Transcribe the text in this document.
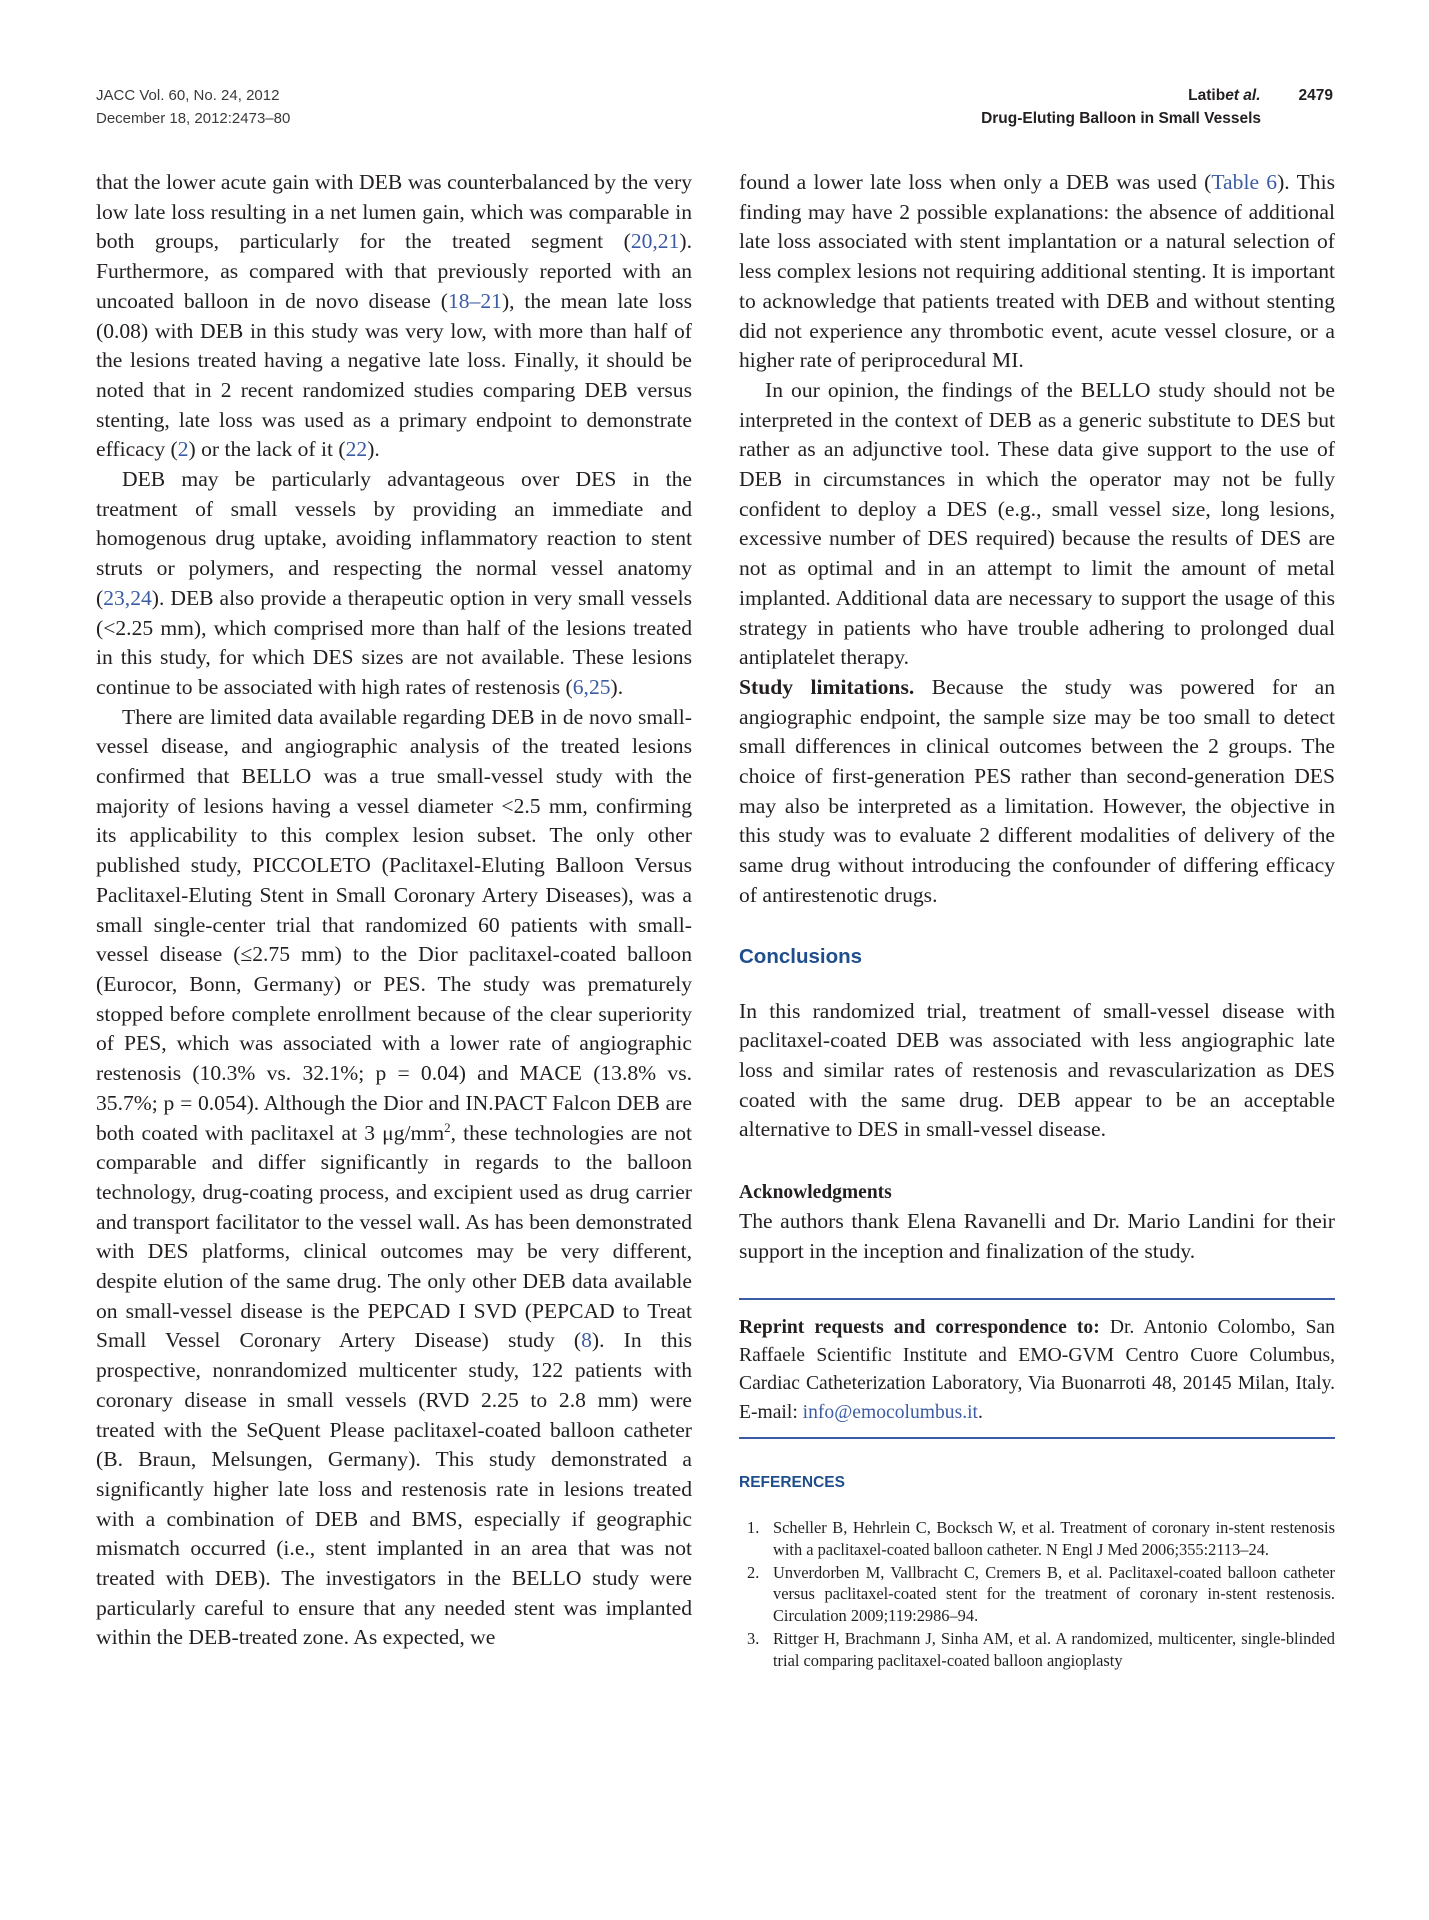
JACC Vol. 60, No. 24, 2012
December 18, 2012:2473–80
Latibet al. 2479
Drug-Eluting Balloon in Small Vessels

that the lower acute gain with DEB was counterbalanced by the very low late loss resulting in a net lumen gain, which was comparable in both groups, particularly for the treated segment (20,21). Furthermore, as compared with that previously reported with an uncoated balloon in de novo disease (18–21), the mean late loss (0.08) with DEB in this study was very low, with more than half of the lesions treated having a negative late loss. Finally, it should be noted that in 2 recent randomized studies comparing DEB versus stenting, late loss was used as a primary endpoint to demonstrate efficacy (2) or the lack of it (22).

DEB may be particularly advantageous over DES in the treatment of small vessels by providing an immediate and homogenous drug uptake, avoiding inflammatory reaction to stent struts or polymers, and respecting the normal vessel anatomy (23,24). DEB also provide a therapeutic option in very small vessels (<2.25 mm), which comprised more than half of the lesions treated in this study, for which DES sizes are not available. These lesions continue to be associated with high rates of restenosis (6,25).

There are limited data available regarding DEB in de novo small-vessel disease, and angiographic analysis of the treated lesions confirmed that BELLO was a true small-vessel study with the majority of lesions having a vessel diameter <2.5 mm, confirming its applicability to this complex lesion subset. The only other published study, PICCOLETO (Paclitaxel-Eluting Balloon Versus Paclitaxel-Eluting Stent in Small Coronary Artery Diseases), was a small single-center trial that randomized 60 patients with small-vessel disease (≤2.75 mm) to the Dior paclitaxel-coated balloon (Eurocor, Bonn, Germany) or PES. The study was prematurely stopped before complete enrollment because of the clear superiority of PES, which was associated with a lower rate of angiographic restenosis (10.3% vs. 32.1%; p = 0.04) and MACE (13.8% vs. 35.7%; p = 0.054). Although the Dior and IN.PACT Falcon DEB are both coated with paclitaxel at 3 $\mu g/mm^2$, these technologies are not comparable and differ significantly in regards to the balloon technology, drug-coating process, and excipient used as drug carrier and transport facilitator to the vessel wall. As has been demonstrated with DES platforms, clinical outcomes may be very different, despite elution of the same drug. The only other DEB data available on small-vessel disease is the PEPCAD I SVD (PEPCAD to Treat Small Vessel Coronary Artery Disease) study (8). In this prospective, nonrandomized multicenter study, 122 patients with coronary disease in small vessels (RVD 2.25 to 2.8 mm) were treated with the SeQuent Please paclitaxel-coated balloon catheter (B. Braun, Melsungen, Germany). This study demonstrated a significantly higher late loss and restenosis rate in lesions treated with a combination of DEB and BMS, especially if geographic mismatch occurred (i.e., stent implanted in an area that was not treated with DEB). The investigators in the BELLO study were particularly careful to ensure that any needed stent was implanted within the DEB-treated zone. As expected, we

found a lower late loss when only a DEB was used (Table 6). This finding may have 2 possible explanations: the absence of additional late loss associated with stent implantation or a natural selection of less complex lesions not requiring additional stenting. It is important to acknowledge that patients treated with DEB and without stenting did not experience any thrombotic event, acute vessel closure, or a higher rate of periprocedural MI.

In our opinion, the findings of the BELLO study should not be interpreted in the context of DEB as a generic substitute to DES but rather as an adjunctive tool. These data give support to the use of DEB in circumstances in which the operator may not be fully confident to deploy a DES (e.g., small vessel size, long lesions, excessive number of DES required) because the results of DES are not as optimal and in an attempt to limit the amount of metal implanted. Additional data are necessary to support the usage of this strategy in patients who have trouble adhering to prolonged dual antiplatelet therapy.

Study limitations. Because the study was powered for an angiographic endpoint, the sample size may be too small to detect small differences in clinical outcomes between the 2 groups. The choice of first-generation PES rather than second-generation DES may also be interpreted as a limitation. However, the objective in this study was to evaluate 2 different modalities of delivery of the same drug without introducing the confounder of differing efficacy of antirestenotic drugs.

Conclusions

In this randomized trial, treatment of small-vessel disease with paclitaxel-coated DEB was associated with less angiographic late loss and similar rates of restenosis and revascularization as DES coated with the same drug. DEB appear to be an acceptable alternative to DES in small-vessel disease.

Acknowledgments
The authors thank Elena Ravanelli and Dr. Mario Landini for their support in the inception and finalization of the study.
Reprint requests and correspondence to: Dr. Antonio Colombo, San Raffaele Scientific Institute and EMO-GVM Centro Cuore Columbus, Cardiac Catheterization Laboratory, Via Buonarroti 48, 20145 Milan, Italy. E-mail: info@emocolumbus.it.
REFERENCES
1. Scheller B, Hehrlein C, Bocksch W, et al. Treatment of coronary in-stent restenosis with a paclitaxel-coated balloon catheter. N Engl J Med 2006;355:2113–24.
2. Unverdorben M, Vallbracht C, Cremers B, et al. Paclitaxel-coated balloon catheter versus paclitaxel-coated stent for the treatment of coronary in-stent restenosis. Circulation 2009;119:2986–94.
3. Rittger H, Brachmann J, Sinha AM, et al. A randomized, multicenter, single-blinded trial comparing paclitaxel-coated balloon angioplasty
